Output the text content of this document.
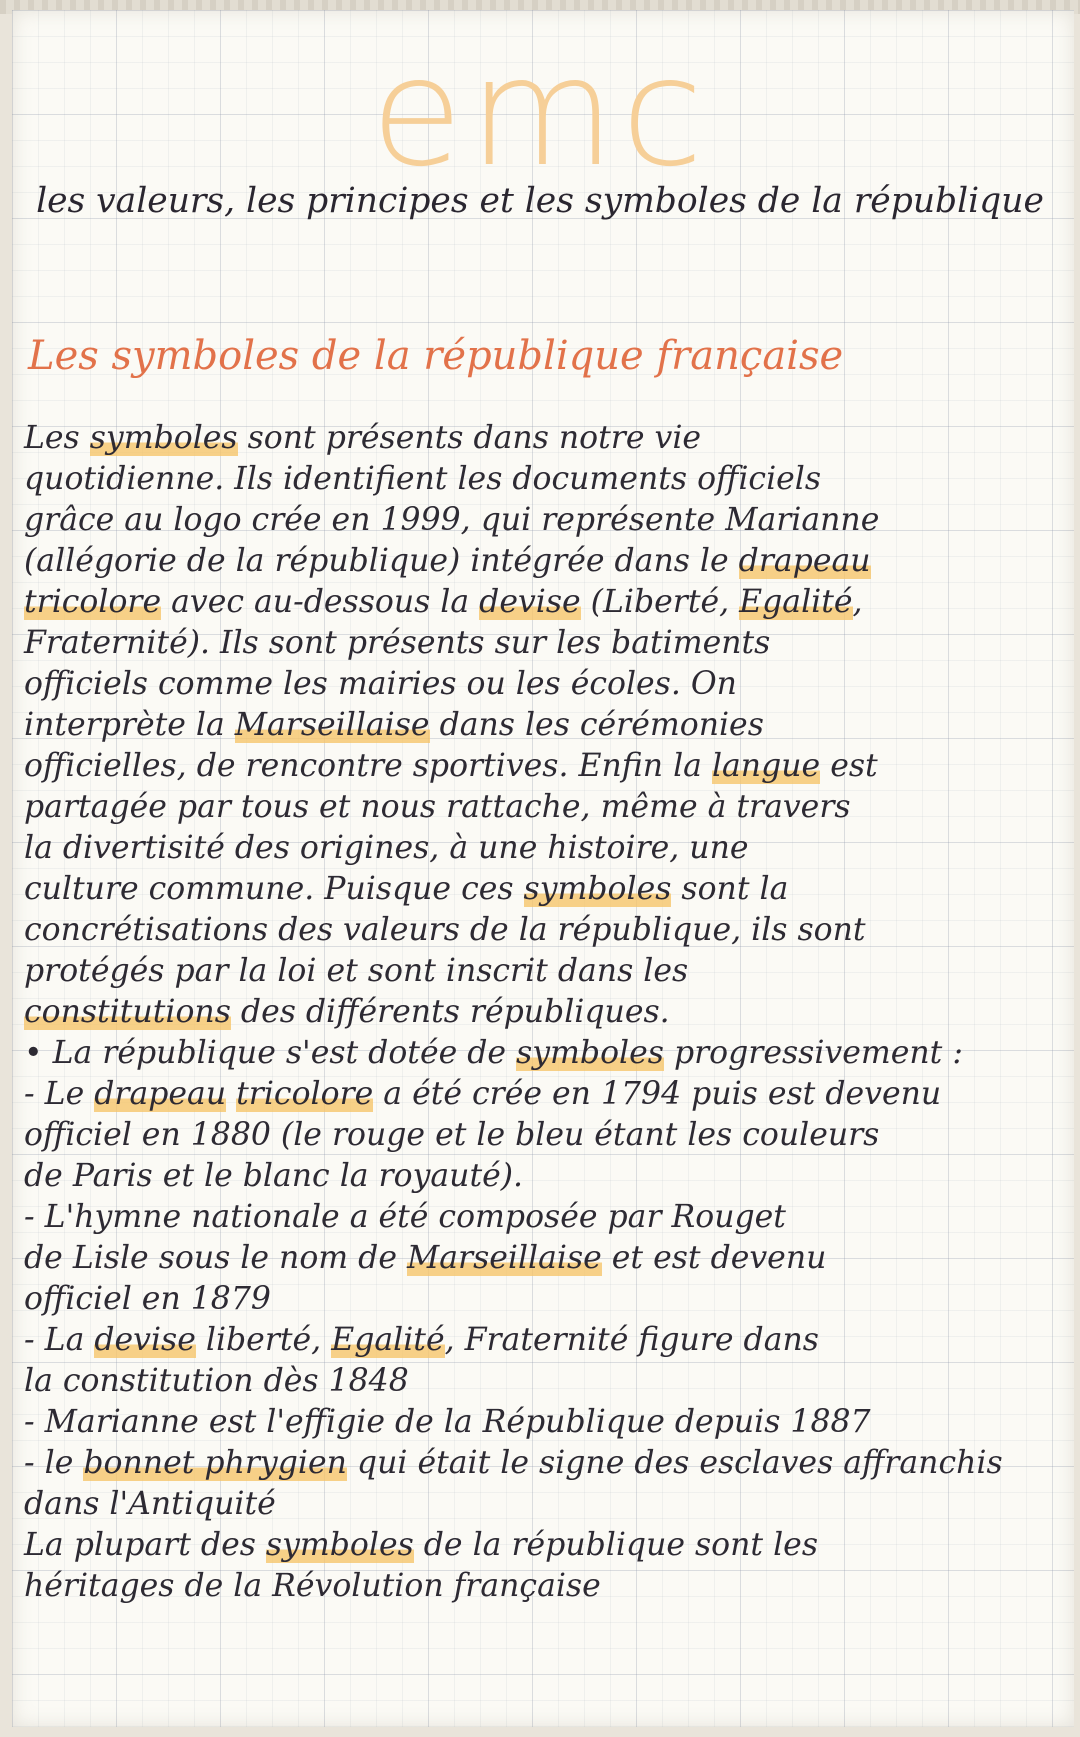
emc
les valeurs, les principes et les symboles de la république
Les symboles de la république française
Les symboles sont présents dans notre vie
quotidienne. Ils identifient les documents officiels
grâce au logo crée en 1999, qui représente Marianne
(allégorie de la république) intégrée dans le drapeau
tricolore avec au-dessous la devise (Liberté, Egalité,
Fraternité). Ils sont présents sur les batiments
officiels comme les mairies ou les écoles. On
interprète la Marseillaise dans les cérémonies
officielles, de rencontre sportives. Enfin la langue est
partagée par tous et nous rattache, même à travers
la divertisité des origines, à une histoire, une
culture commune. Puisque ces symboles sont la
concrétisations des valeurs de la république, ils sont
protégés par la loi et sont inscrit dans les
constitutions des différents républiques.
• La république s'est dotée de symboles progressivement :
- Le drapeau tricolore a été crée en 1794 puis est devenu
officiel en 1880 (le rouge et le bleu étant les couleurs
de Paris et le blanc la royauté).
- L'hymne nationale a été composée par Rouget
de Lisle sous le nom de Marseillaise et est devenu
officiel en 1879
- La devise liberté, Egalité, Fraternité figure dans
la constitution dès 1848
- Marianne est l'effigie de la République depuis 1887
- le bonnet phrygien qui était le signe des esclaves affranchis
dans l'Antiquité
La plupart des symboles de la république sont les
héritages de la Révolution française
